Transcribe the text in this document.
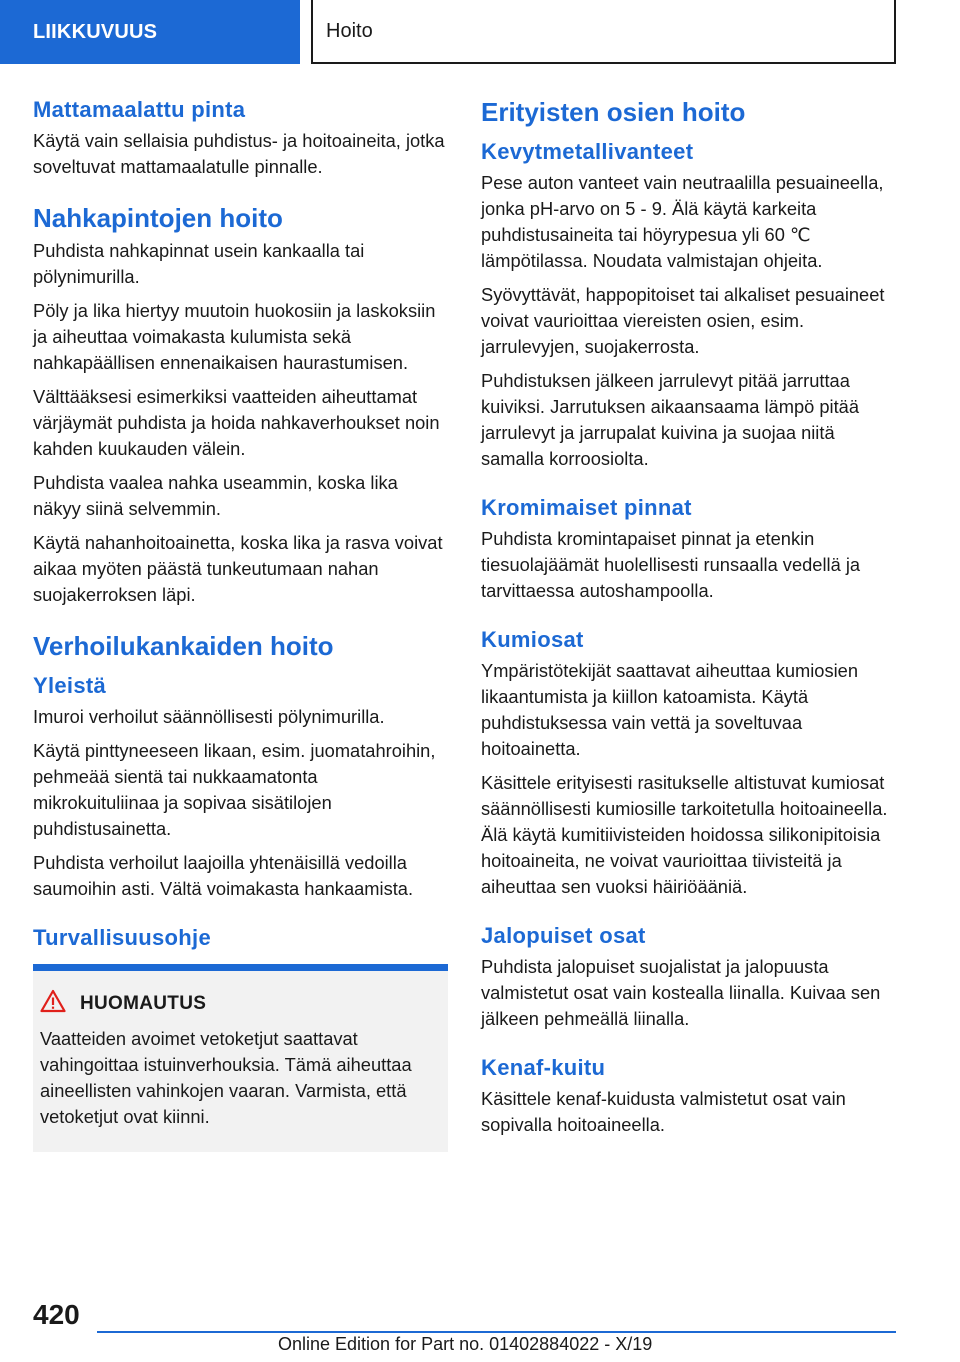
LIIKKUVUUS	Hoito
Mattamaalattu pinta

Käytä vain sellaisia puhdistus- ja hoitoaineita, jotka soveltuvat mattamaalatulle pinnalle.

Nahkapintojen hoito

Puhdista nahkapinnat usein kankaalla tai pölynimurilla.

Pöly ja lika hiertyy muutoin huokosiin ja laskoksiin ja aiheuttaa voimakasta kulumista sekä nahkapäällisen ennenaikaisen haurastumisen.

Välttääksesi esimerkiksi vaatteiden aiheuttamat värjäymät puhdista ja hoida nahkaverhoukset noin kahden kuukauden välein.

Puhdista vaalea nahka useammin, koska lika näkyy siinä selvemmin.

Käytä nahanhoitoainetta, koska lika ja rasva voivat aikaa myöten päästä tunkeutumaan nahan suojakerroksen läpi.

Verhoilukankaiden hoito
Yleistä

Imuroi verhoilut säännöllisesti pölynimurilla.

Käytä pinttyneeseen likaan, esim. juomatahroihin, pehmeää sientä tai nukkaamatonta mikrokuituliinaa ja sopivaa sisätilojen puhdistusainetta.

Puhdista verhoilut laajoilla yhtenäisillä vedoilla saumoihin asti. Vältä voimakasta hankaamista.

Turvallisuusohje
HUOMAUTUS

Vaatteiden avoimet vetoketjut saattavat vahingoittaa istuinverhouksia. Tämä aiheuttaa aineellisten vahinkojen vaaran. Varmista, että vetoketjut ovat kiinni.

Erityisten osien hoito
Kevytmetallivanteet

Pese auton vanteet vain neutraalilla pesuaineella, jonka pH-arvo on 5 - 9. Älä käytä karkeita puhdistusaineita tai höyrypesua yli 60 ℃ lämpötilassa. Noudata valmistajan ohjeita.

Syövyttävät, happopitoiset tai alkaliset pesuaineet voivat vaurioittaa viereisten osien, esim. jarrulevyjen, suojakerrosta.

Puhdistuksen jälkeen jarrulevyt pitää jarruttaa kuiviksi. Jarrutuksen aikaansaama lämpö pitää jarrulevyt ja jarrupalat kuivina ja suojaa niitä samalla korroosiolta.

Kromimaiset pinnat

Puhdista kromintapaiset pinnat ja etenkin tiesuolajäämät huolellisesti runsaalla vedellä ja tarvittaessa autoshampoolla.

Kumiosat

Ympäristötekijät saattavat aiheuttaa kumiosien likaantumista ja kiillon katoamista. Käytä puhdistuksessa vain vettä ja soveltuvaa hoitoainetta.

Käsittele erityisesti rasitukselle altistuvat kumiosat säännöllisesti kumiosille tarkoitetulla hoitoaineella. Älä käytä kumitiivisteiden hoidossa silikonipitoisia hoitoaineita, ne voivat vaurioittaa tiivisteitä ja aiheuttaa sen vuoksi häiriöääniä.

Jalopuiset osat

Puhdista jalopuiset suojalistat ja jalopuusta valmistetut osat vain kostealla liinalla. Kuivaa sen jälkeen pehmeällä liinalla.

Kenaf-kuitu

Käsittele kenaf-kuidusta valmistetut osat vain sopivalla hoitoaineella.

420
Online Edition for Part no. 01402884022 - X/19
